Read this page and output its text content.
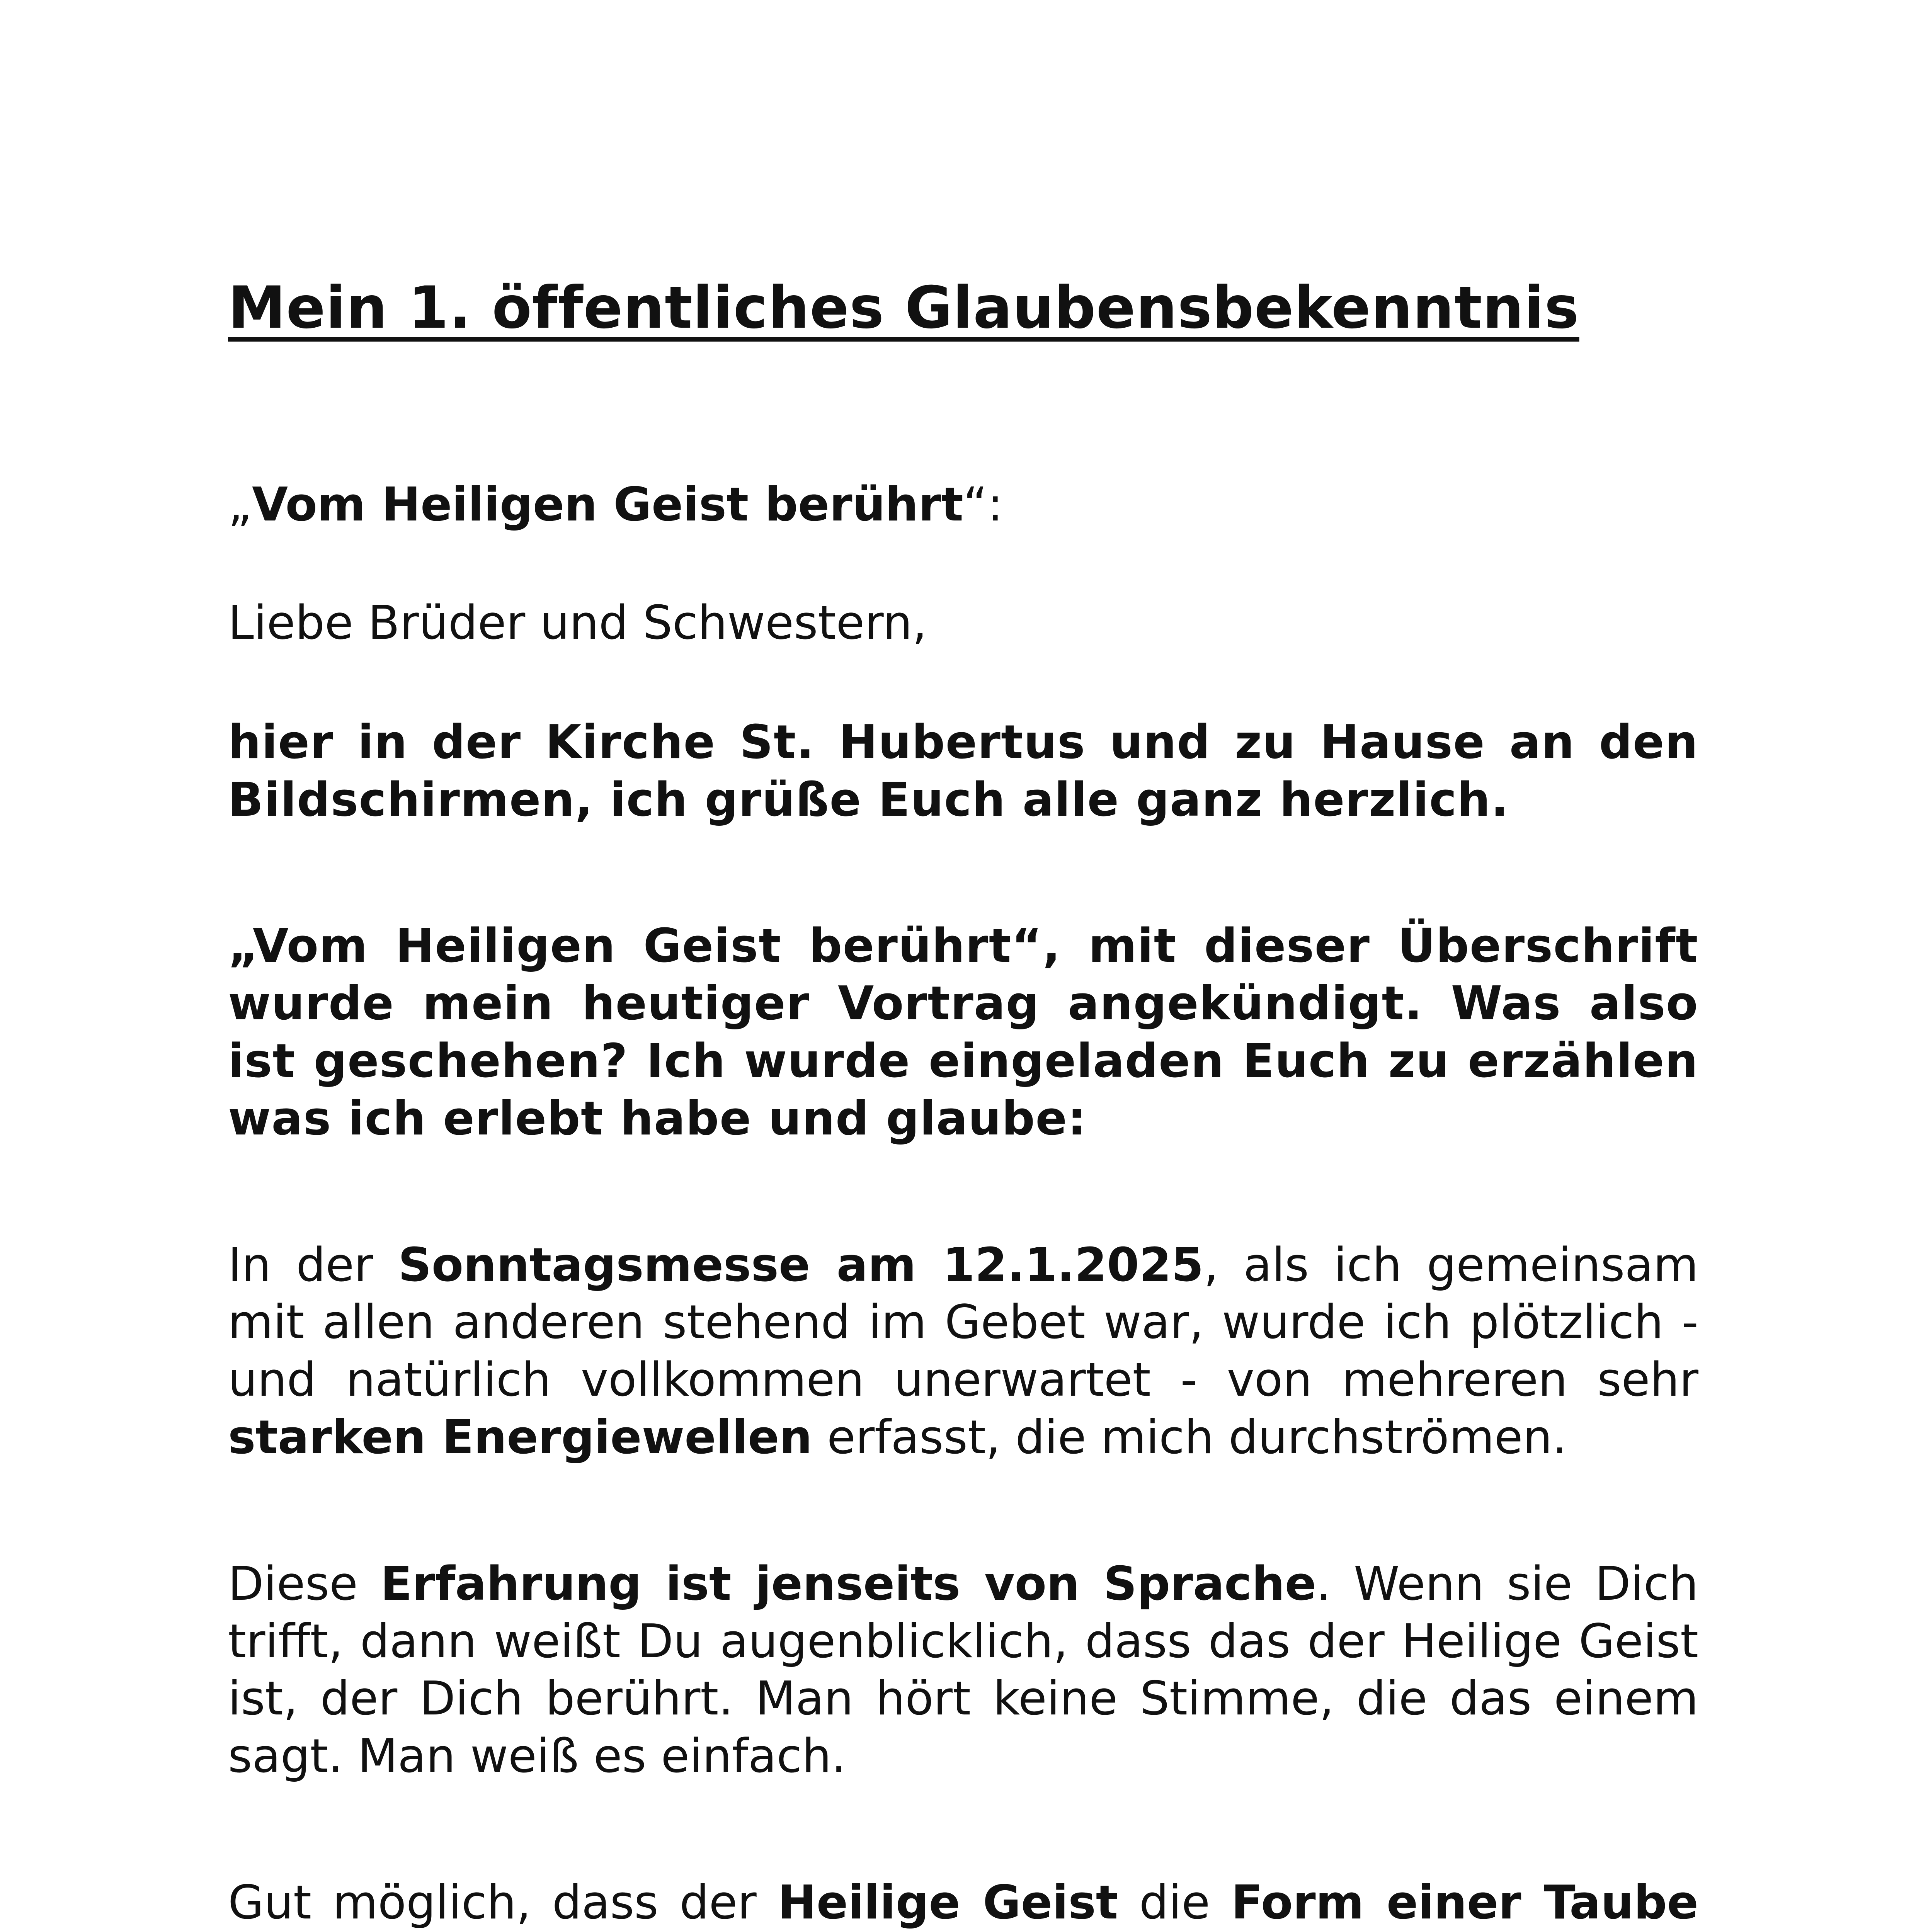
Mein 1. öffentliches Glaubensbekenntnis
„Vom Heiligen Geist berührt“:

Liebe Brüder und Schwestern,

hier in der Kirche St. Hubertus und zu Hause an den Bildschirmen, ich grüße Euch alle ganz herzlich.

„Vom Heiligen Geist berührt“, mit dieser Überschrift wurde mein heutiger Vortrag angekündigt. Was also ist geschehen? Ich wurde eingeladen Euch zu erzählen was ich erlebt habe und glaube:

In der Sonntagsmesse am 12.1.2025, als ich gemeinsam mit allen anderen stehend im Gebet war, wurde ich plötzlich - und natürlich vollkommen unerwartet - von mehreren sehr starken Energiewellen erfasst, die mich durchströmen.

Diese Erfahrung ist jenseits von Sprache. Wenn sie Dich trifft, dann weißt Du augenblicklich, dass das der Heilige Geist ist, der Dich berührt. Man hört keine Stimme, die das einem sagt. Man weiß es einfach.

Gut möglich, dass der Heilige Geist die Form einer Taube
